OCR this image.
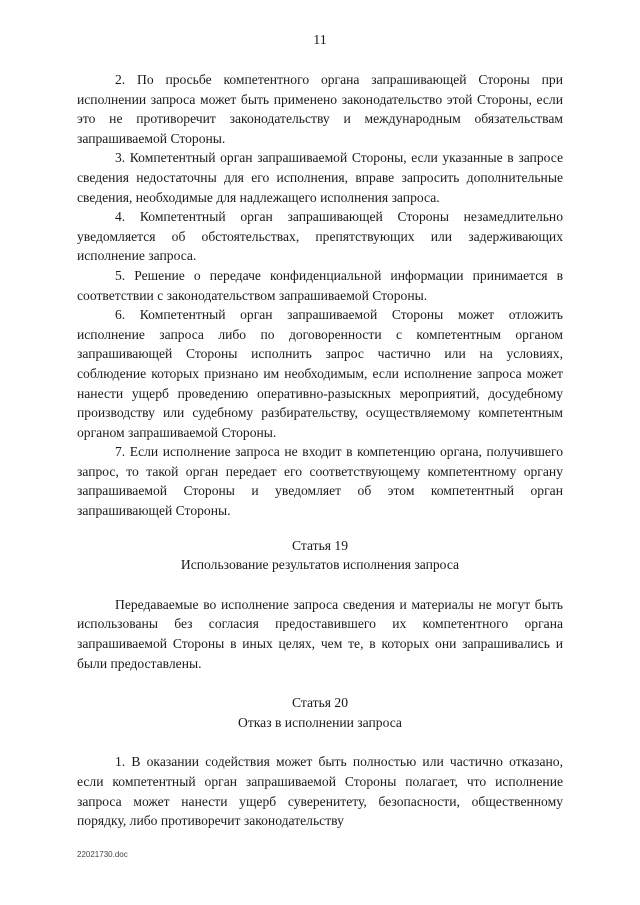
11

2. По просьбе компетентного органа запрашивающей Стороны при исполнении запроса может быть применено законодательство этой Стороны, если это не противоречит законодательству и международным обязательствам запрашиваемой Стороны.

3. Компетентный орган запрашиваемой Стороны, если указанные в запросе сведения недостаточны для его исполнения, вправе запросить дополнительные сведения, необходимые для надлежащего исполнения запроса.

4. Компетентный орган запрашивающей Стороны незамедлительно уведомляется об обстоятельствах, препятствующих или задерживающих исполнение запроса.

5. Решение о передаче конфиденциальной информации принимается в соответствии с законодательством запрашиваемой Стороны.

6. Компетентный орган запрашиваемой Стороны может отложить исполнение запроса либо по договоренности с компетентным органом запрашивающей Стороны исполнить запрос частично или на условиях, соблюдение которых признано им необходимым, если исполнение запроса может нанести ущерб проведению оперативно-разыскных мероприятий, досудебному производству или судебному разбирательству, осуществляемому компетентным органом запрашиваемой Стороны.

7. Если исполнение запроса не входит в компетенцию органа, получившего запрос, то такой орган передает его соответствующему компетентному органу запрашиваемой Стороны и уведомляет об этом компетентный орган запрашивающей Стороны.

Статья 19

Использование результатов исполнения запроса

Передаваемые во исполнение запроса сведения и материалы не могут быть использованы без согласия предоставившего их компетентного органа запрашиваемой Стороны в иных целях, чем те, в которых они запрашивались и были предоставлены.

Статья 20

Отказ в исполнении запроса

1. В оказании содействия может быть полностью или частично отказано, если компетентный орган запрашиваемой Стороны полагает, что исполнение запроса может нанести ущерб суверенитету, безопасности, общественному порядку, либо противоречит законодательству

22021730.doc
